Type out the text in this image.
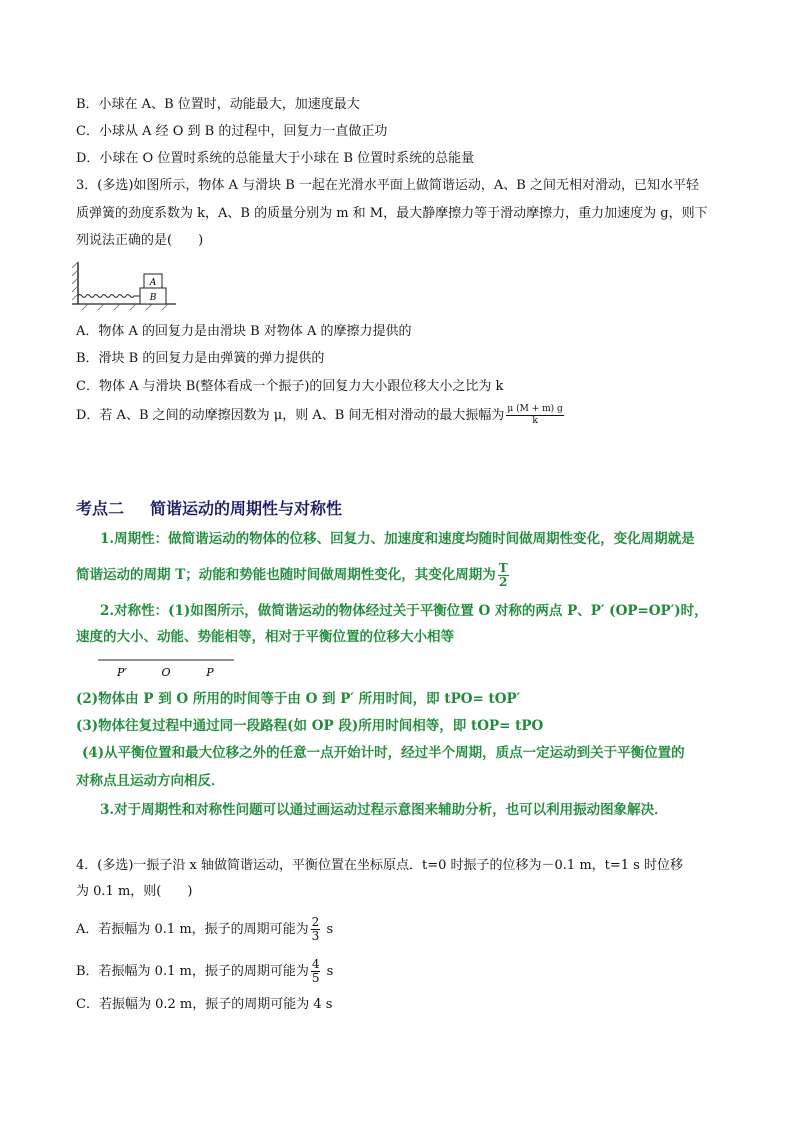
B．小球在 A、B 位置时，动能最大，加速度最大
C．小球从 A 经 O 到 B 的过程中，回复力一直做正功
D．小球在 O 位置时系统的总能量大于小球在 B 位置时系统的总能量
3．(多选)如图所示，物体 A 与滑块 B 一起在光滑水平面上做简谐运动，A、B 之间无相对滑动，已知水平轻
质弹簧的劲度系数为 k，A、B 的质量分别为 m 和 M，最大静摩擦力等于滑动摩擦力，重力加速度为 g，则下
列说法正确的是(　　)
A
B
A．物体 A 的回复力是由滑块 B 对物体 A 的摩擦力提供的
B．滑块 B 的回复力是由弹簧的弹力提供的
C．物体 A 与滑块 B(整体看成一个振子)的回复力大小跟位移大小之比为 k
D．若 A、B 之间的动摩擦因数为 μ，则 A、B 间无相对滑动的最大振幅为 $\frac{\mu (M + m) g}{k}$
考点二 简谐运动的周期性与对称性
1.周期性：做简谐运动的物体的位移、回复力、加速度和速度均随时间做周期性变化，变化周期就是
简谐运动的周期 T；动能和势能也随时间做周期性变化，其变化周期为 $\frac{T}{2}$
2.对称性：(1)如图所示，做简谐运动的物体经过关于平衡位置 O 对称的两点 P、P′ (OP=OP′)时，
速度的大小、动能、势能相等，相对于平衡位置的位移大小相等
P′	O	P
(2)物体由 P 到 O 所用的时间等于由 O 到 P′ 所用时间，即 tPO= tOP′
(3)物体往复过程中通过同一段路程(如 OP 段)所用时间相等，即 tOP= tPO
(4)从平衡位置和最大位移之外的任意一点开始计时，经过半个周期，质点一定运动到关于平衡位置的
对称点且运动方向相反．
3.对于周期性和对称性问题可以通过画运动过程示意图来辅助分析，也可以利用振动图象解决．
4．(多选)一振子沿 x 轴做简谐运动，平衡位置在坐标原点．t=0 时振子的位移为－0.1 m，t=1 s 时位移
为 0.1 m，则(　　)
A．若振幅为 0.1 m，振子的周期可能为 $\frac{2}{3}$ s
B．若振幅为 0.1 m，振子的周期可能为 $\frac{4}{5}$ s
C．若振幅为 0.2 m，振子的周期可能为 4 s
